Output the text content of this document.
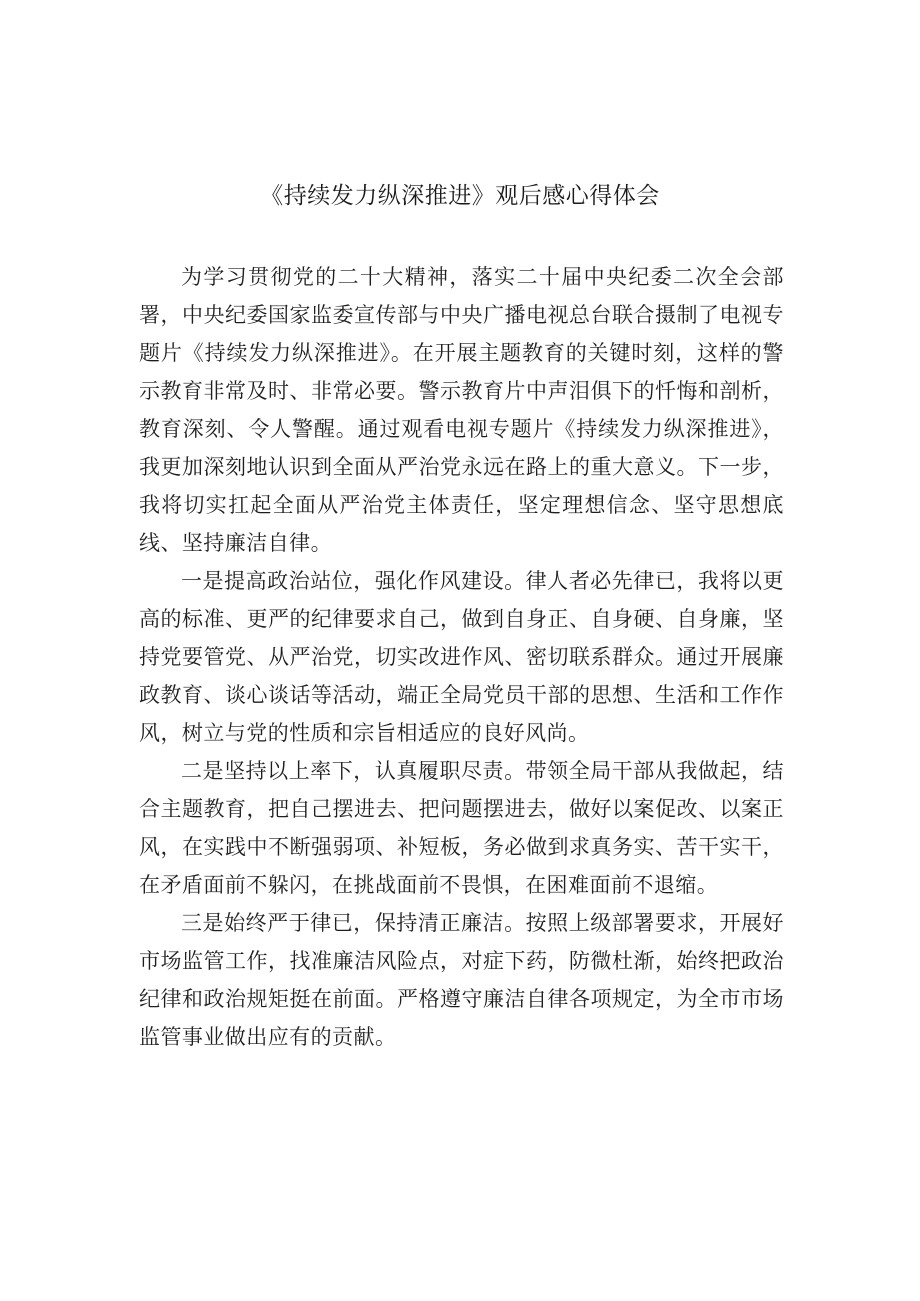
《持续发力纵深推进》观后感心得体会

为学习贯彻党的二十大精神，落实二十届中央纪委二次全会部署，中央纪委国家监委宣传部与中央广播电视总台联合摄制了电视专题片《持续发力纵深推进》。在开展主题教育的关键时刻，这样的警示教育非常及时、非常必要。警示教育片中声泪俱下的忏悔和剖析，教育深刻、令人警醒。通过观看电视专题片《持续发力纵深推进》，我更加深刻地认识到全面从严治党永远在路上的重大意义。下一步，我将切实扛起全面从严治党主体责任，坚定理想信念、坚守思想底线、坚持廉洁自律。

一是提高政治站位，强化作风建设。律人者必先律已，我将以更高的标准、更严的纪律要求自己，做到自身正、自身硬、自身廉，坚持党要管党、从严治党，切实改进作风、密切联系群众。通过开展廉政教育、谈心谈话等活动，端正全局党员干部的思想、生活和工作作风，树立与党的性质和宗旨相适应的良好风尚。

二是坚持以上率下，认真履职尽责。带领全局干部从我做起，结合主题教育，把自己摆进去、把问题摆进去，做好以案促改、以案正风，在实践中不断强弱项、补短板，务必做到求真务实、苦干实干，在矛盾面前不躲闪，在挑战面前不畏惧，在困难面前不退缩。

三是始终严于律已，保持清正廉洁。按照上级部署要求，开展好市场监管工作，找准廉洁风险点，对症下药，防微杜渐，始终把政治纪律和政治规矩挺在前面。严格遵守廉洁自律各项规定，为全市市场监管事业做出应有的贡献。
